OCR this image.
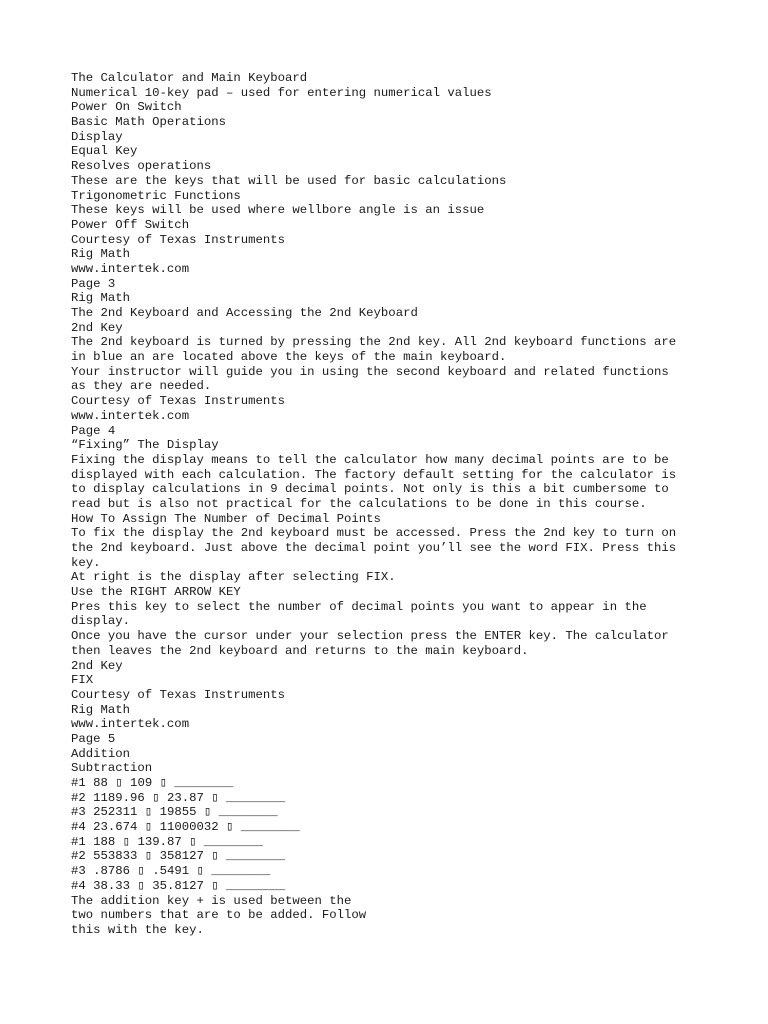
The Calculator and Main Keyboard
Numerical 10-key pad – used for entering numerical values
Power On Switch
Basic Math Operations
Display
Equal Key
Resolves operations
These are the keys that will be used for basic calculations
Trigonometric Functions
These keys will be used where wellbore angle is an issue
Power Off Switch
Courtesy of Texas Instruments
Rig Math
www.intertek.com
Page 3
Rig Math
The 2nd Keyboard and Accessing the 2nd Keyboard
2nd Key
The 2nd keyboard is turned by pressing the 2nd key. All 2nd keyboard functions are
in blue an are located above the keys of the main keyboard.
Your instructor will guide you in using the second keyboard and related functions
as they are needed.
Courtesy of Texas Instruments
www.intertek.com
Page 4
“Fixing” The Display
Fixing the display means to tell the calculator how many decimal points are to be
displayed with each calculation. The factory default setting for the calculator is
to display calculations in 9 decimal points. Not only is this a bit cumbersome to
read but is also not practical for the calculations to be done in this course.
How To Assign The Number of Decimal Points
To fix the display the 2nd keyboard must be accessed. Press the 2nd key to turn on
the 2nd keyboard. Just above the decimal point you’ll see the word FIX. Press this
key.
At right is the display after selecting FIX.
Use the RIGHT ARROW KEY
Pres this key to select the number of decimal points you want to appear in the
display.
Once you have the cursor under your selection press the ENTER key. The calculator
then leaves the 2nd keyboard and returns to the main keyboard.
2nd Key
FIX
Courtesy of Texas Instruments
Rig Math
www.intertek.com
Page 5
Addition
Subtraction
#1 88 ▯ 109 ▯ ________
#2 1189.96 ▯ 23.87 ▯ ________
#3 252311 ▯ 19855 ▯ ________
#4 23.674 ▯ 11000032 ▯ ________
#1 188 ▯ 139.87 ▯ ________
#2 553833 ▯ 358127 ▯ ________
#3 .8786 ▯ .5491 ▯ ________
#4 38.33 ▯ 35.8127 ▯ ________
The addition key + is used between the
two numbers that are to be added. Follow
this with the key.
